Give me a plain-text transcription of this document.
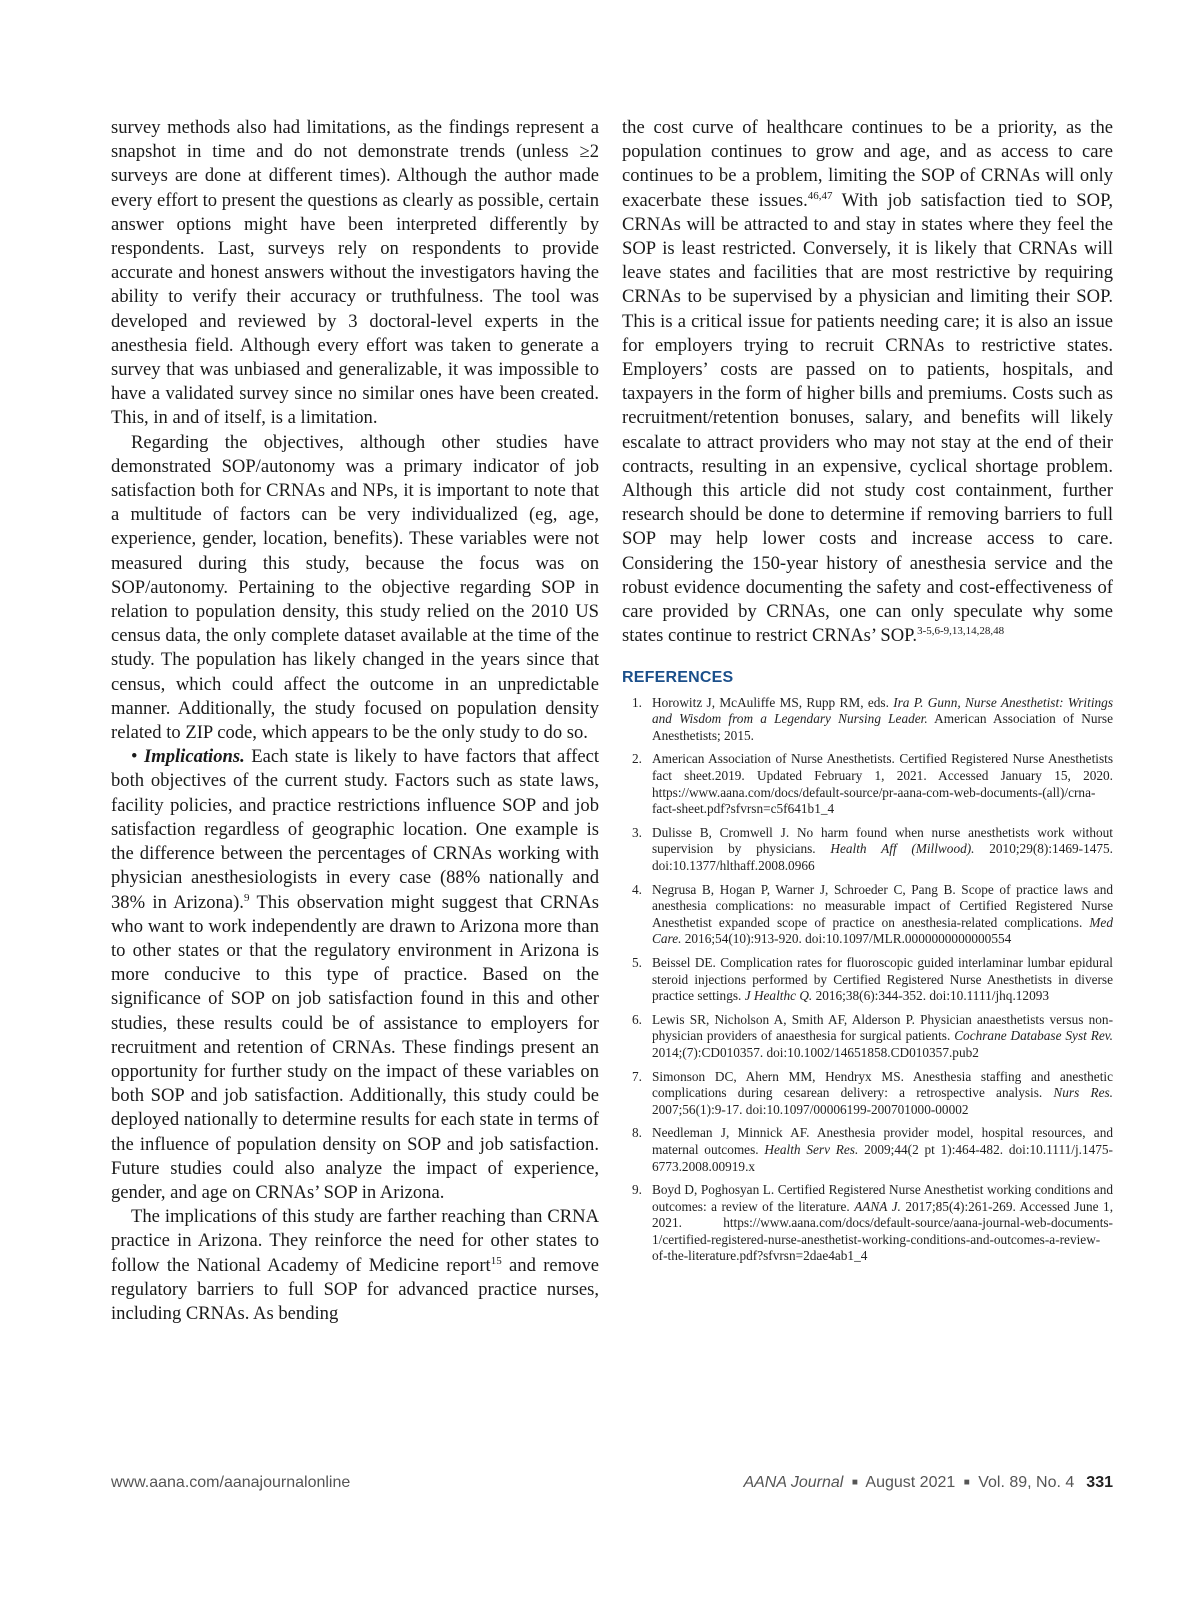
survey methods also had limitations, as the findings represent a snapshot in time and do not demonstrate trends (unless ≥2 surveys are done at different times). Although the author made every effort to present the questions as clearly as possible, certain answer options might have been interpreted differently by respondents. Last, surveys rely on respondents to provide accurate and honest answers without the investigators having the ability to verify their accuracy or truthfulness. The tool was developed and reviewed by 3 doctoral-level experts in the anesthesia field. Although every effort was taken to generate a survey that was unbiased and generalizable, it was impossible to have a validated survey since no similar ones have been created. This, in and of itself, is a limitation.

Regarding the objectives, although other studies have demonstrated SOP/autonomy was a primary indicator of job satisfaction both for CRNAs and NPs, it is important to note that a multitude of factors can be very individualized (eg, age, experience, gender, location, benefits). These variables were not measured during this study, because the focus was on SOP/autonomy. Pertaining to the objective regarding SOP in relation to population density, this study relied on the 2010 US census data, the only complete dataset available at the time of the study. The population has likely changed in the years since that census, which could affect the outcome in an unpredictable manner. Additionally, the study focused on population density related to ZIP code, which appears to be the only study to do so.

• Implications. Each state is likely to have factors that affect both objectives of the current study. Factors such as state laws, facility policies, and practice restrictions influence SOP and job satisfaction regardless of geographic location. One example is the difference between the percentages of CRNAs working with physician anesthesiologists in every case (88% nationally and 38% in Arizona).$^9$ This observation might suggest that CRNAs who want to work independently are drawn to Arizona more than to other states or that the regulatory environment in Arizona is more conducive to this type of practice. Based on the significance of SOP on job satisfaction found in this and other studies, these results could be of assistance to employers for recruitment and retention of CRNAs. These findings present an opportunity for further study on the impact of these variables on both SOP and job satisfaction. Additionally, this study could be deployed nationally to determine results for each state in terms of the influence of population density on SOP and job satisfaction. Future studies could also analyze the impact of experience, gender, and age on CRNAs’ SOP in Arizona.

The implications of this study are farther reaching than CRNA practice in Arizona. They reinforce the need for other states to follow the National Academy of Medicine report$^{15}$ and remove regulatory barriers to full SOP for advanced practice nurses, including CRNAs. As bending

the cost curve of healthcare continues to be a priority, as the population continues to grow and age, and as access to care continues to be a problem, limiting the SOP of CRNAs will only exacerbate these issues.$^{46,47}$ With job satisfaction tied to SOP, CRNAs will be attracted to and stay in states where they feel the SOP is least restricted. Conversely, it is likely that CRNAs will leave states and facilities that are most restrictive by requiring CRNAs to be supervised by a physician and limiting their SOP. This is a critical issue for patients needing care; it is also an issue for employers trying to recruit CRNAs to restrictive states. Employers’ costs are passed on to patients, hospitals, and taxpayers in the form of higher bills and premiums. Costs such as recruitment/retention bonuses, salary, and benefits will likely escalate to attract providers who may not stay at the end of their contracts, resulting in an expensive, cyclical shortage problem. Although this article did not study cost containment, further research should be done to determine if removing barriers to full SOP may help lower costs and increase access to care. Considering the 150-year history of anesthesia service and the robust evidence documenting the safety and cost-effectiveness of care provided by CRNAs, one can only speculate why some states continue to restrict CRNAs’ SOP.$^{3-5,6-9,13,14,28,48}$

REFERENCES
1. Horowitz J, McAuliffe MS, Rupp RM, eds. Ira P. Gunn, Nurse Anesthetist: Writings and Wisdom from a Legendary Nursing Leader. American Association of Nurse Anesthetists; 2015.
2. American Association of Nurse Anesthetists. Certified Registered Nurse Anesthetists fact sheet.2019. Updated February 1, 2021. Accessed January 15, 2020. https://www.aana.com/docs/default-source/pr-aana-com-web-documents-(all)/crna-fact-sheet.pdf?sfvrsn=c5f641b1_4
3. Dulisse B, Cromwell J. No harm found when nurse anesthetists work without supervision by physicians. Health Aff (Millwood). 2010;29(8):1469-1475. doi:10.1377/hlthaff.2008.0966
4. Negrusa B, Hogan P, Warner J, Schroeder C, Pang B. Scope of practice laws and anesthesia complications: no measurable impact of Certified Registered Nurse Anesthetist expanded scope of practice on anesthesia-related complications. Med Care. 2016;54(10):913-920. doi:10.1097/MLR.0000000000000554
5. Beissel DE. Complication rates for fluoroscopic guided interlaminar lumbar epidural steroid injections performed by Certified Registered Nurse Anesthetists in diverse practice settings. J Healthc Q. 2016;38(6):344-352. doi:10.1111/jhq.12093
6. Lewis SR, Nicholson A, Smith AF, Alderson P. Physician anaesthetists versus non-physician providers of anaesthesia for surgical patients. Cochrane Database Syst Rev. 2014;(7):CD010357. doi:10.1002/14651858.CD010357.pub2
7. Simonson DC, Ahern MM, Hendryx MS. Anesthesia staffing and anesthetic complications during cesarean delivery: a retrospective analysis. Nurs Res. 2007;56(1):9-17. doi:10.1097/00006199-200701000-00002
8. Needleman J, Minnick AF. Anesthesia provider model, hospital resources, and maternal outcomes. Health Serv Res. 2009;44(2 pt 1):464-482. doi:10.1111/j.1475-6773.2008.00919.x
9. Boyd D, Poghosyan L. Certified Registered Nurse Anesthetist working conditions and outcomes: a review of the literature. AANA J. 2017;85(4):261-269. Accessed June 1, 2021. https://www.aana.com/docs/default-source/aana-journal-web-documents-1/certified-registered-nurse-anesthetist-working-conditions-and-outcomes-a-review-of-the-literature.pdf?sfvrsn=2dae4ab1_4
www.aana.com/aanajournalonline	AANA Journal ■ August 2021 ■ Vol. 89, No. 4 331
